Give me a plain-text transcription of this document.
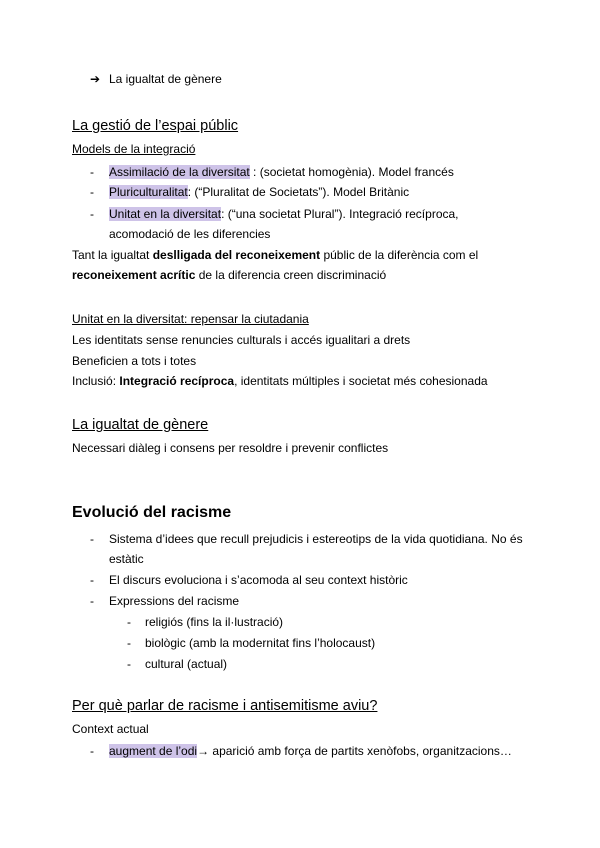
➔ La igualtat de gènere
La gestió de l’espai públic
Models de la integració
- Assimilació de la diversitat : (societat homogènia). Model francés
- Pluriculturalitat: (“Pluralitat de Societats”). Model Britànic
- Unitat en la diversitat: (“una societat Plural”). Integració recíproca,
acomodació de les diferencies
Tant la igualtat deslligada del reconeixement públic de la diferència com el
reconeixement acrític de la diferencia creen discriminació
Unitat en la diversitat: repensar la ciutadania
Les identitats sense renuncies culturals i accés igualitari a drets
Beneficien a tots i totes
Inclusió: Integració recíproca, identitats múltiples i societat més cohesionada
La igualtat de gènere
Necessari diàleg i consens per resoldre i prevenir conflictes
Evolució del racisme
- Sistema d’idees que recull prejudicis i estereotips de la vida quotidiana. No és
estàtic
- El discurs evoluciona i s’acomoda al seu context històric
- Expressions del racisme
- religiós (fins la il·lustració)
- biològic (amb la modernitat fins l’holocaust)
- cultural (actual)
Per què parlar de racisme i antisemitisme aviu?
Context actual
- augment de l’odi→ aparició amb força de partits xenòfobs, organitzacions…
